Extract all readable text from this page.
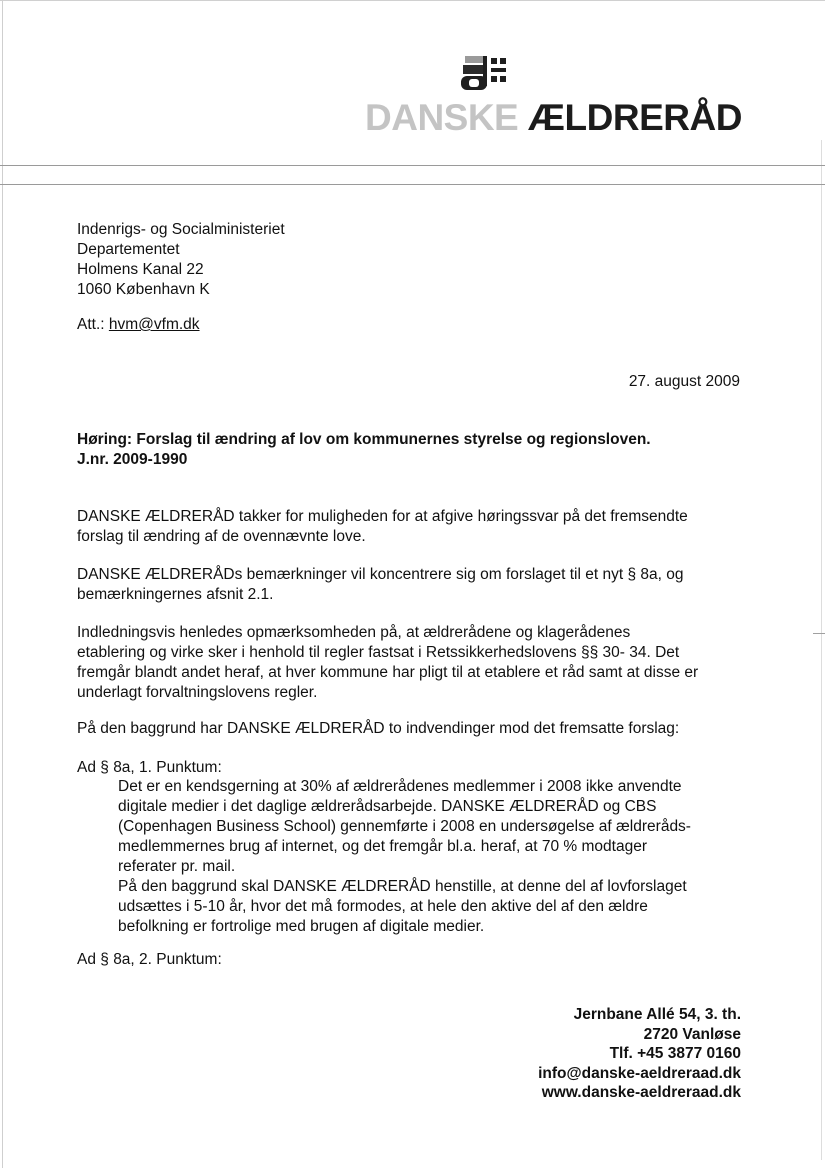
DANSKE ÆLDRERÅD
Indenrigs- og Socialministeriet
Departementet
Holmens Kanal 22
1060 København K
Att.: hvm@vfm.dk
27. august 2009
Høring: Forslag til ændring af lov om kommunernes styrelse og regionsloven.
J.nr. 2009-1990
DANSKE ÆLDRERÅD takker for muligheden for at afgive høringssvar på det fremsendte
forslag til ændring af de ovennævnte love.
DANSKE ÆLDRERÅDs bemærkninger vil koncentrere sig om forslaget til et nyt § 8a, og
bemærkningernes afsnit 2.1.
Indledningsvis henledes opmærksomheden på, at ældrerådene og klagerådenes
etablering og virke sker i henhold til regler fastsat i Retssikkerhedslovens §§ 30- 34. Det
fremgår blandt andet heraf, at hver kommune har pligt til at etablere et råd samt at disse er
underlagt forvaltningslovens regler.
På den baggrund har DANSKE ÆLDRERÅD to indvendinger mod det fremsatte forslag:
Ad § 8a, 1. Punktum:
Det er en kendsgerning at 30% af ældrerådenes medlemmer i 2008 ikke anvendte
digitale medier i det daglige ældrerådsarbejde. DANSKE ÆLDRERÅD og CBS
(Copenhagen Business School) gennemførte i 2008 en undersøgelse af ældreråds-
medlemmernes brug af internet, og det fremgår bl.a. heraf, at 70 % modtager
referater pr. mail.
På den baggrund skal DANSKE ÆLDRERÅD henstille, at denne del af lovforslaget
udsættes i 5-10 år, hvor det må formodes, at hele den aktive del af den ældre
befolkning er fortrolige med brugen af digitale medier.
Ad § 8a, 2. Punktum:
Jernbane Allé 54, 3. th.
2720 Vanløse
Tlf. +45 3877 0160
info@danske-aeldreraad.dk
www.danske-aeldreraad.dk
